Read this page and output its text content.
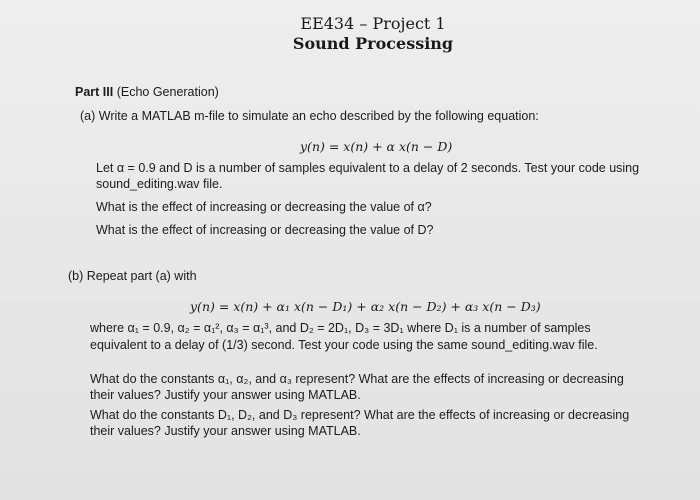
EE434 – Project 1
Sound Processing
Part III (Echo Generation)
(a) Write a MATLAB m-file to simulate an echo described by the following equation:
y(n) = x(n) + α x(n − D)
Let α = 0.9 and D is a number of samples equivalent to a delay of 2 seconds. Test your code using
sound_editing.wav file.
What is the effect of increasing or decreasing the value of α?
What is the effect of increasing or decreasing the value of D?
(b) Repeat part (a) with
y(n) = x(n) + α₁ x(n − D₁) + α₂ x(n − D₂) + α₃ x(n − D₃)
where α₁ = 0.9, α₂ = α₁², α₃ = α₁³, and D₂ = 2D₁, D₃ = 3D₁ where D₁ is a number of samples
equivalent to a delay of (1/3) second. Test your code using the same sound_editing.wav file.
What do the constants α₁, α₂, and α₃ represent? What are the effects of increasing or decreasing
their values? Justify your answer using MATLAB.
What do the constants D₁, D₂, and D₃ represent? What are the effects of increasing or decreasing
their values? Justify your answer using MATLAB.
